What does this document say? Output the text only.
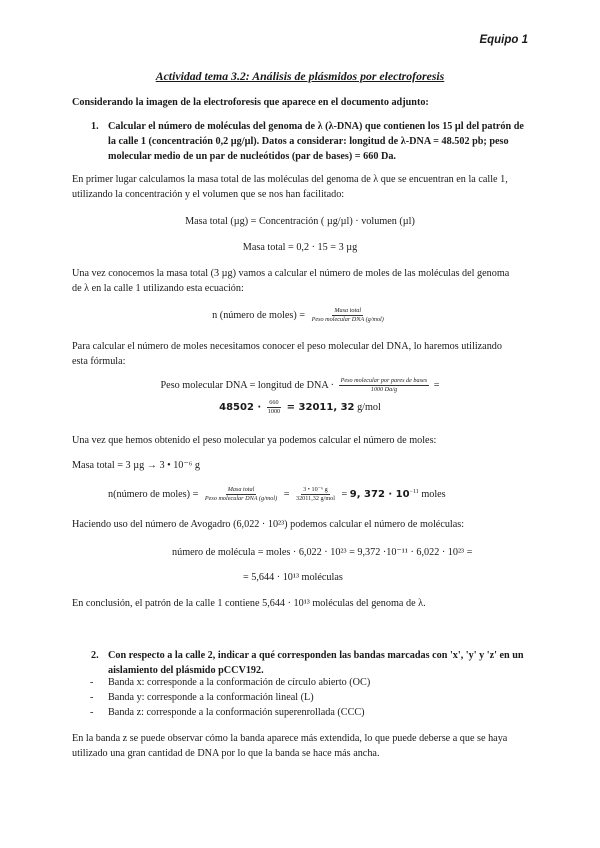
Equipo 1
Actividad tema 3.2: Análisis de plásmidos por electroforesis
Considerando la imagen de la electroforesis que aparece en el documento adjunto:
1. Calcular el número de moléculas del genoma de λ (λ-DNA) que contienen los 15 µl del patrón de
la calle 1 (concentración 0,2 µg/µl). Datos a considerar: longitud de λ-DNA = 48.502 pb; peso
molecular medio de un par de nucleótidos (par de bases) = 660 Da.
En primer lugar calculamos la masa total de las moléculas del genoma de λ que se encuentran en la calle 1,
utilizando la concentración y el volumen que se nos han facilitado:
Masa total (µg) = Concentración ( µg/µl) · volumen (µl)
Masa total = 0,2 · 15 = 3 µg
Una vez conocemos la masa total (3 µg) vamos a calcular el número de moles de las moléculas del genoma
de λ en la calle 1 utilizando esta ecuación:
n (número de moles) = $\frac{\text{Masa total}}{\text{Peso molecular DNA (g/mol)}}$
Para calcular el número de moles necesitamos conocer el peso molecular del DNA, lo haremos utilizando
esta fórmula:
Peso molecular DNA = longitud de DNA · $\frac{\text{Peso molecular por pares de bases}}{1000 Da/g}$ =
$48502 \cdot \frac{660}{1000} = 32011$, 32 g/mol
Una vez que hemos obtenido el peso molecular ya podemos calcular el número de moles:
Masa total = 3 µg → 3 • 10⁻⁶ g
n(número de moles) = $\frac{\text{Masa total}}{\text{Peso molecular DNA (g/mol)}} = \frac{\text{3 • 10⁻⁶ g}}{\text{32011,32 g/mol}} = 9$, $372 \cdot 10^{-11}$ moles
Haciendo uso del número de Avogadro (6,022 · 10²³) podemos calcular el número de moléculas:
número de molécula = moles · 6,022 · 10²³ = 9,372 ·10⁻¹¹ · 6,022 · 10²³ =
= 5,644 · 10¹³ moléculas
En conclusión, el patrón de la calle 1 contiene 5,644 · 10¹³ moléculas del genoma de λ.
2. Con respecto a la calle 2, indicar a qué corresponden las bandas marcadas con 'x', 'y' y 'z' en un
aislamiento del plásmido pCCV192.
- Banda x: corresponde a la conformación de círculo abierto (OC)
- Banda y: corresponde a la conformación lineal (L)
- Banda z: corresponde a la conformación superenrollada (CCC)
En la banda z se puede observar cómo la banda aparece más extendida, lo que puede deberse a que se haya
utilizado una gran cantidad de DNA por lo que la banda se hace más ancha.
